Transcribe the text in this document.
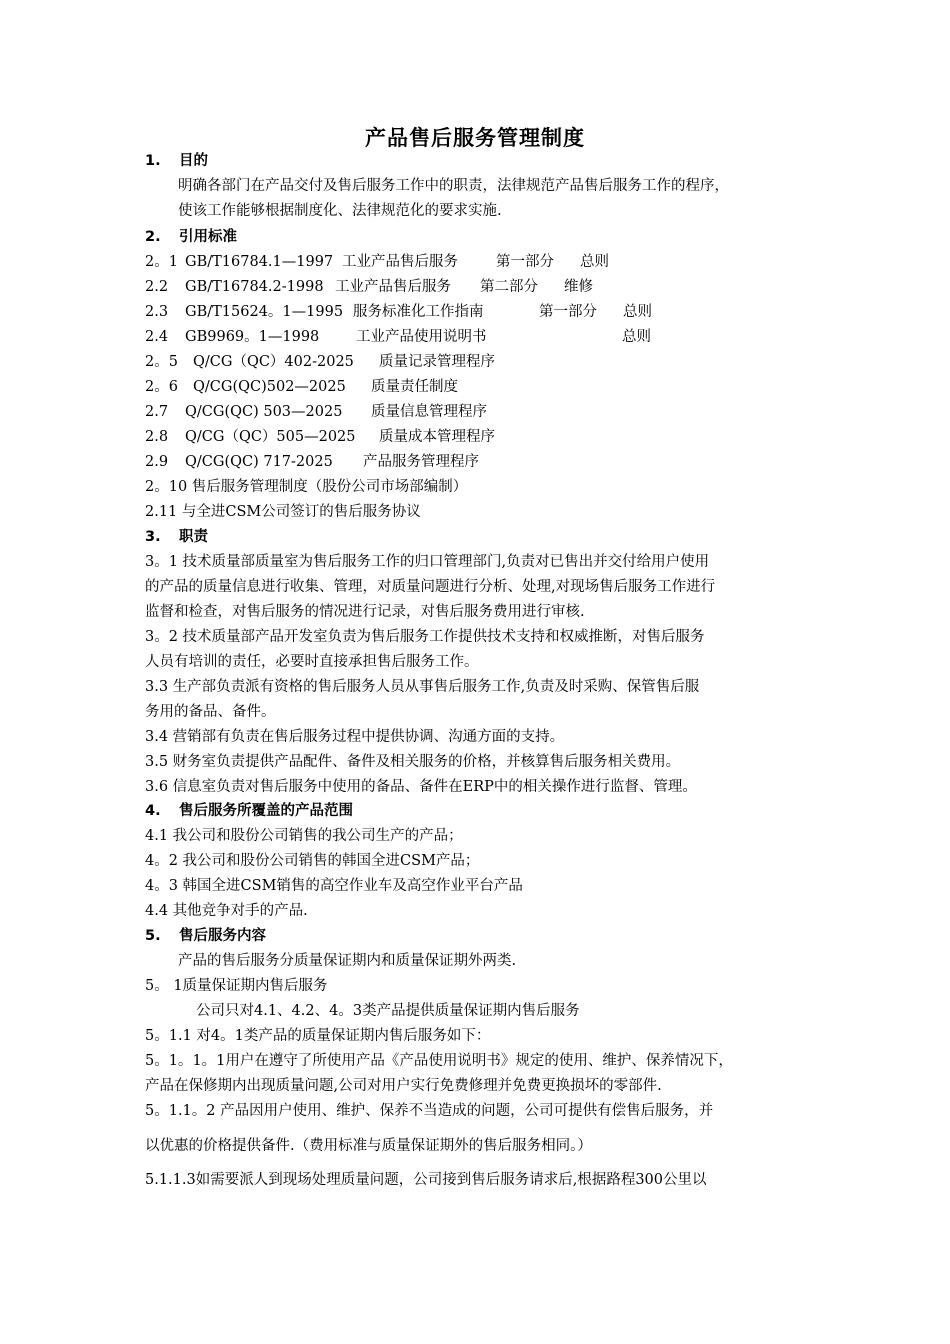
产品售后服务管理制度
1. 目的
明确各部门在产品交付及售后服务工作中的职责，法律规范产品售后服务工作的程序，
使该工作能够根据制度化、法律规范化的要求实施.
2. 引用标准
2。1 GB/T16784.1—1997 工业产品售后服务	第一部分 总则
2.2 GB/T16784.2-1998 工业产品售后服务 第二部分 维修
2.3 GB/T15624。1—1995 服务标准化工作指南	第一部分 总则
2.4 GB9969。1—1998	工业产品使用说明书	总则
2。5 Q/CG（QC）402-2025 质量记录管理程序
2。6 Q/CG(QC)502—2025 质量责任制度
2.7 Q/CG(QC) 503—2025 质量信息管理程序
2.8 Q/CG（QC）505—2025 质量成本管理程序
2.9 Q/CG(QC) 717-2025 产品服务管理程序
2。10 售后服务管理制度（股份公司市场部编制）
2.11 与全进CSM公司签订的售后服务协议
3. 职责
3。1 技术质量部质量室为售后服务工作的归口管理部门,负责对已售出并交付给用户使用
的产品的质量信息进行收集、管理，对质量问题进行分析、处理,对现场售后服务工作进行
监督和检查，对售后服务的情况进行记录，对售后服务费用进行审核.
3。2 技术质量部产品开发室负责为售后服务工作提供技术支持和权威推断，对售后服务
人员有培训的责任，必要时直接承担售后服务工作。
3.3 生产部负责派有资格的售后服务人员从事售后服务工作,负责及时采购、保管售后服
务用的备品、备件。
3.4 营销部有负责在售后服务过程中提供协调、沟通方面的支持。
3.5 财务室负责提供产品配件、备件及相关服务的价格，并核算售后服务相关费用。
3.6 信息室负责对售后服务中使用的备品、备件在ERP中的相关操作进行监督、管理。
4. 售后服务所覆盖的产品范围
4.1 我公司和股份公司销售的我公司生产的产品；
4。2 我公司和股份公司销售的韩国全进CSM产品；
4。3 韩国全进CSM销售的高空作业车及高空作业平台产品
4.4 其他竞争对手的产品.
5. 售后服务内容
产品的售后服务分质量保证期内和质量保证期外两类.
5。 1质量保证期内售后服务
公司只对4.1、4.2、4。3类产品提供质量保证期内售后服务
5。1.1 对4。1类产品的质量保证期内售后服务如下：
5。1。1。1用户在遵守了所使用产品《产品使用说明书》规定的使用、维护、保养情况下，
产品在保修期内出现质量问题,公司对用户实行免费修理并免费更换损坏的零部件.
5。1.1。2 产品因用户使用、维护、保养不当造成的问题，公司可提供有偿售后服务，并
以优惠的价格提供备件.（费用标准与质量保证期外的售后服务相同。）
5.1.1.3如需要派人到现场处理质量问题，公司接到售后服务请求后,根据路程300公里以
